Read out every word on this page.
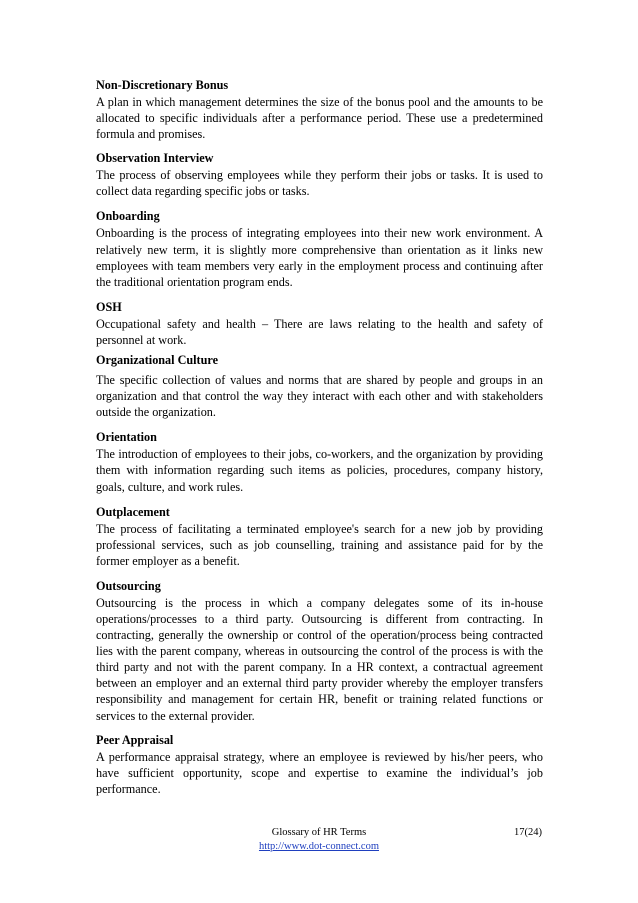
Non-Discretionary Bonus

A plan in which management determines the size of the bonus pool and the amounts to be allocated to specific individuals after a performance period. These use a predetermined formula and promises.

Observation Interview

The process of observing employees while they perform their jobs or tasks. It is used to collect data regarding specific jobs or tasks.

Onboarding

Onboarding is the process of integrating employees into their new work environment. A relatively new term, it is slightly more comprehensive than orientation as it links new employees with team members very early in the employment process and continuing after the traditional orientation program ends.

OSH

Occupational safety and health – There are laws relating to the health and safety of personnel at work.

Organizational Culture

The specific collection of values and norms that are shared by people and groups in an organization and that control the way they interact with each other and with stakeholders outside the organization.

Orientation

The introduction of employees to their jobs, co-workers, and the organization by providing them with information regarding such items as policies, procedures, company history, goals, culture, and work rules.

Outplacement

The process of facilitating a terminated employee's search for a new job by providing professional services, such as job counselling, training and assistance paid for by the former employer as a benefit.

Outsourcing

Outsourcing is the process in which a company delegates some of its in-house operations/processes to a third party. Outsourcing is different from contracting. In contracting, generally the ownership or control of the operation/process being contracted lies with the parent company, whereas in outsourcing the control of the process is with the third party and not with the parent company. In a HR context, a contractual agreement between an employer and an external third party provider whereby the employer transfers responsibility and management for certain HR, benefit or training related functions or services to the external provider.

Peer Appraisal

A performance appraisal strategy, where an employee is reviewed by his/her peers, who have sufficient opportunity, scope and expertise to examine the individual’s job performance.

Glossary of HR Terms
http://www.dot-connect.com
17(24)
